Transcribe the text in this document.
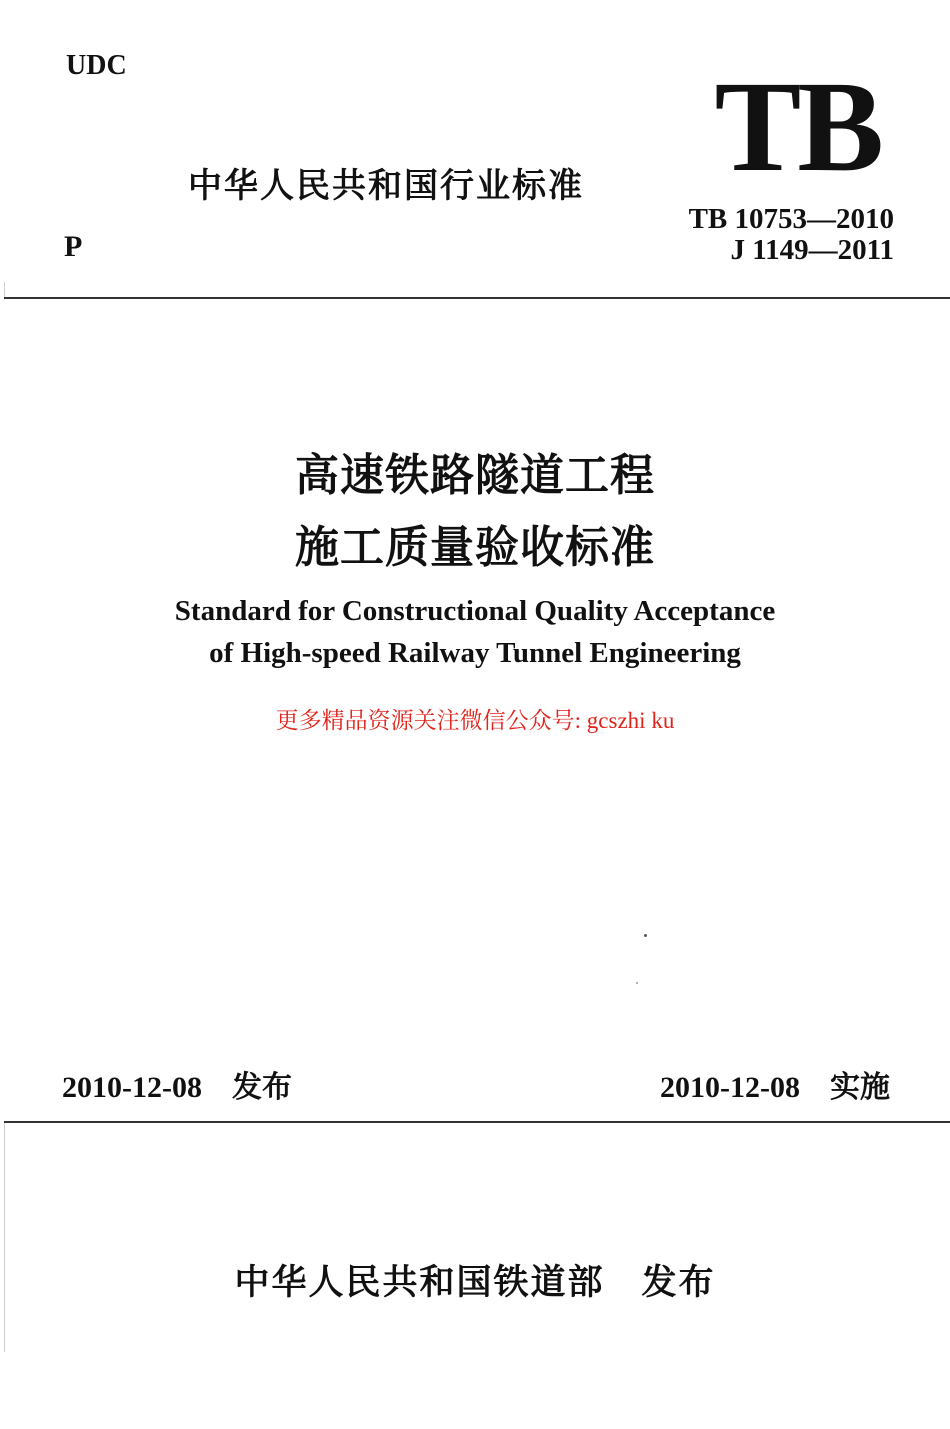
UDC
中华人民共和国行业标准 TB
P
TB 10753—2010
J 1149—2011
高速铁路隧道工程
施工质量验收标准
Standard for Constructional Quality Acceptance
of High-speed Railway Tunnel Engineering
更多精品资源关注微信公众号: gcszhi ku
2010-12-08 发布	2010-12-08 实施
中华人民共和国铁道部　发布
